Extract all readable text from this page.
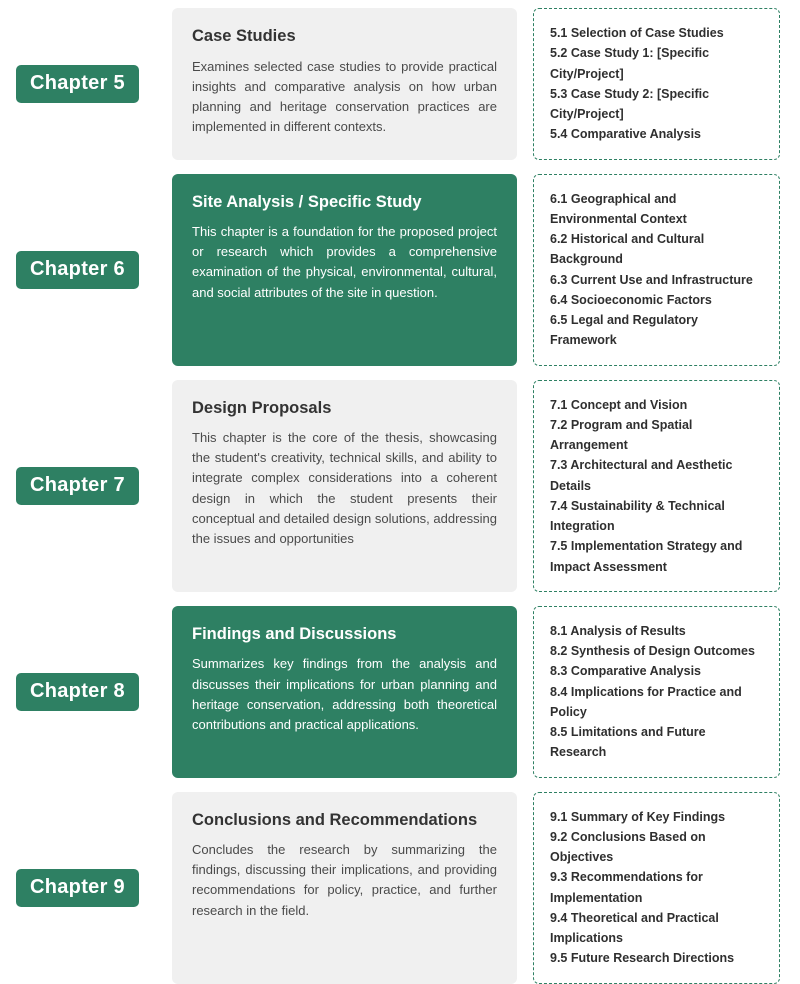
Chapter 5

Case Studies

Examines selected case studies to provide practical insights and comparative analysis on how urban planning and heritage conservation practices are implemented in different contexts.

5.1 Selection of Case Studies

5.2 Case Study 1: [Specific City/Project]

5.3 Case Study 2: [Specific City/Project]

5.4 Comparative Analysis

Chapter 6

Site Analysis / Specific Study

This chapter is a foundation for the proposed project or research which provides a comprehensive examination of the physical, environmental, cultural, and social attributes of the site in question.

6.1 Geographical and Environmental Context

6.2 Historical and Cultural Background

6.3 Current Use and Infrastructure

6.4 Socioeconomic Factors

6.5 Legal and Regulatory Framework

Chapter 7

Design Proposals

This chapter is the core of the thesis, showcasing the student's creativity, technical skills, and ability to integrate complex considerations into a coherent design in which the student presents their conceptual and detailed design solutions, addressing the issues and opportunities

7.1 Concept and Vision

7.2 Program and Spatial Arrangement

7.3 Architectural and Aesthetic Details

7.4 Sustainability & Technical Integration

7.5 Implementation Strategy and Impact Assessment

Chapter 8

Findings and Discussions

Summarizes key findings from the analysis and discusses their implications for urban planning and heritage conservation, addressing both theoretical contributions and practical applications.

8.1 Analysis of Results

8.2 Synthesis of Design Outcomes

8.3 Comparative Analysis

8.4 Implications for Practice and Policy

8.5 Limitations and Future Research

Chapter 9

Conclusions and Recommendations

Concludes the research by summarizing the findings, discussing their implications, and providing recommendations for policy, practice, and further research in the field.

9.1 Summary of Key Findings

9.2 Conclusions Based on Objectives

9.3 Recommendations for Implementation

9.4 Theoretical and Practical Implications

9.5 Future Research Directions
